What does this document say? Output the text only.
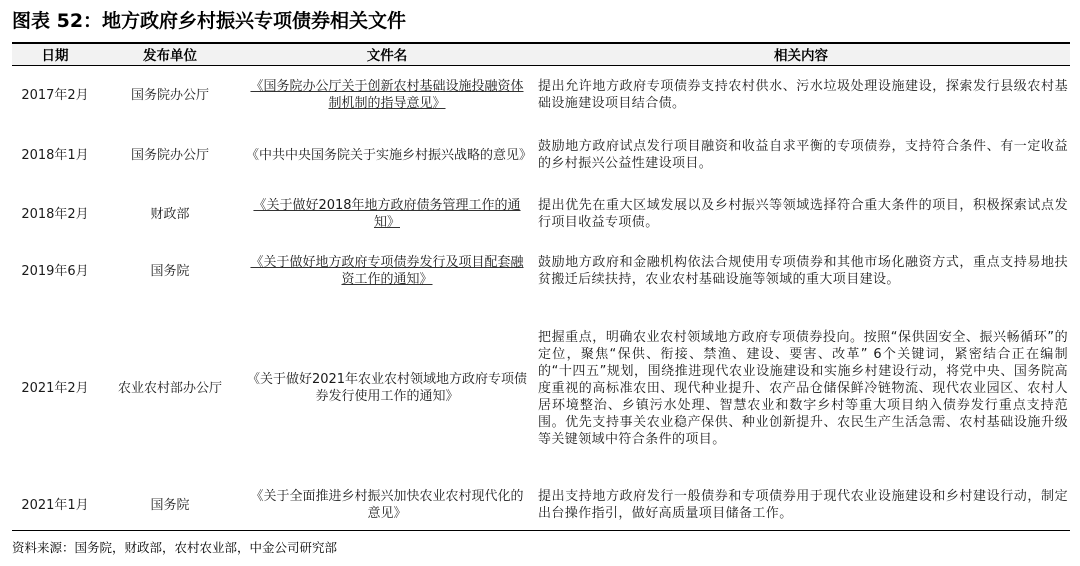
图表 52：地方政府乡村振兴专项债券相关文件
日期	发布单位	文件名	相关内容
2017年2月	国务院办公厅	《国务院办公厅关于创新农村基础设施投融资体制机制的指导意见》	提出允许地方政府专项债券支持农村供水、污水垃圾处理设施建设，探索发行县级农村基础设施建设项目结合债。
2018年1月	国务院办公厅	《中共中央国务院关于实施乡村振兴战略的意见》	鼓励地方政府试点发行项目融资和收益自求平衡的专项债券，支持符合条件、有一定收益的乡村振兴公益性建设项目。
2018年2月	财政部	《关于做好2018年地方政府债务管理工作的通知》	提出优先在重大区域发展以及乡村振兴等领域选择符合重大条件的项目，积极探索试点发行项目收益专项债。
2019年6月	国务院	《关于做好地方政府专项债券发行及项目配套融资工作的通知》	鼓励地方政府和金融机构依法合规使用专项债券和其他市场化融资方式，重点支持易地扶贫搬迁后续扶持，农业农村基础设施等领域的重大项目建设。
2021年2月	农业农村部办公厅	《关于做好2021年农业农村领域地方政府专项债券发行使用工作的通知》	把握重点，明确农业农村领域地方政府专项债券投向。按照“保供固安全、振兴畅循环”的定位，聚焦“保供、衔接、禁渔、建设、要害、改革” 6个关键词，紧密结合正在编制的“十四五”规划，围绕推进现代农业设施建设和实施乡村建设行动，将党中央、国务院高度重视的高标准农田、现代种业提升、农产品仓储保鲜冷链物流、现代农业园区、农村人居环境整治、乡镇污水处理、智慧农业和数字乡村等重大项目纳入债券发行重点支持范围。优先支持事关农业稳产保供、种业创新提升、农民生产生活急需、农村基础设施升级等关键领域中符合条件的项目。
2021年1月	国务院	《关于全面推进乡村振兴加快农业农村现代化的意见》	提出支持地方政府发行一般债券和专项债券用于现代农业设施建设和乡村建设行动，制定出台操作指引，做好高质量项目储备工作。
资料来源：国务院，财政部，农村农业部，中金公司研究部
